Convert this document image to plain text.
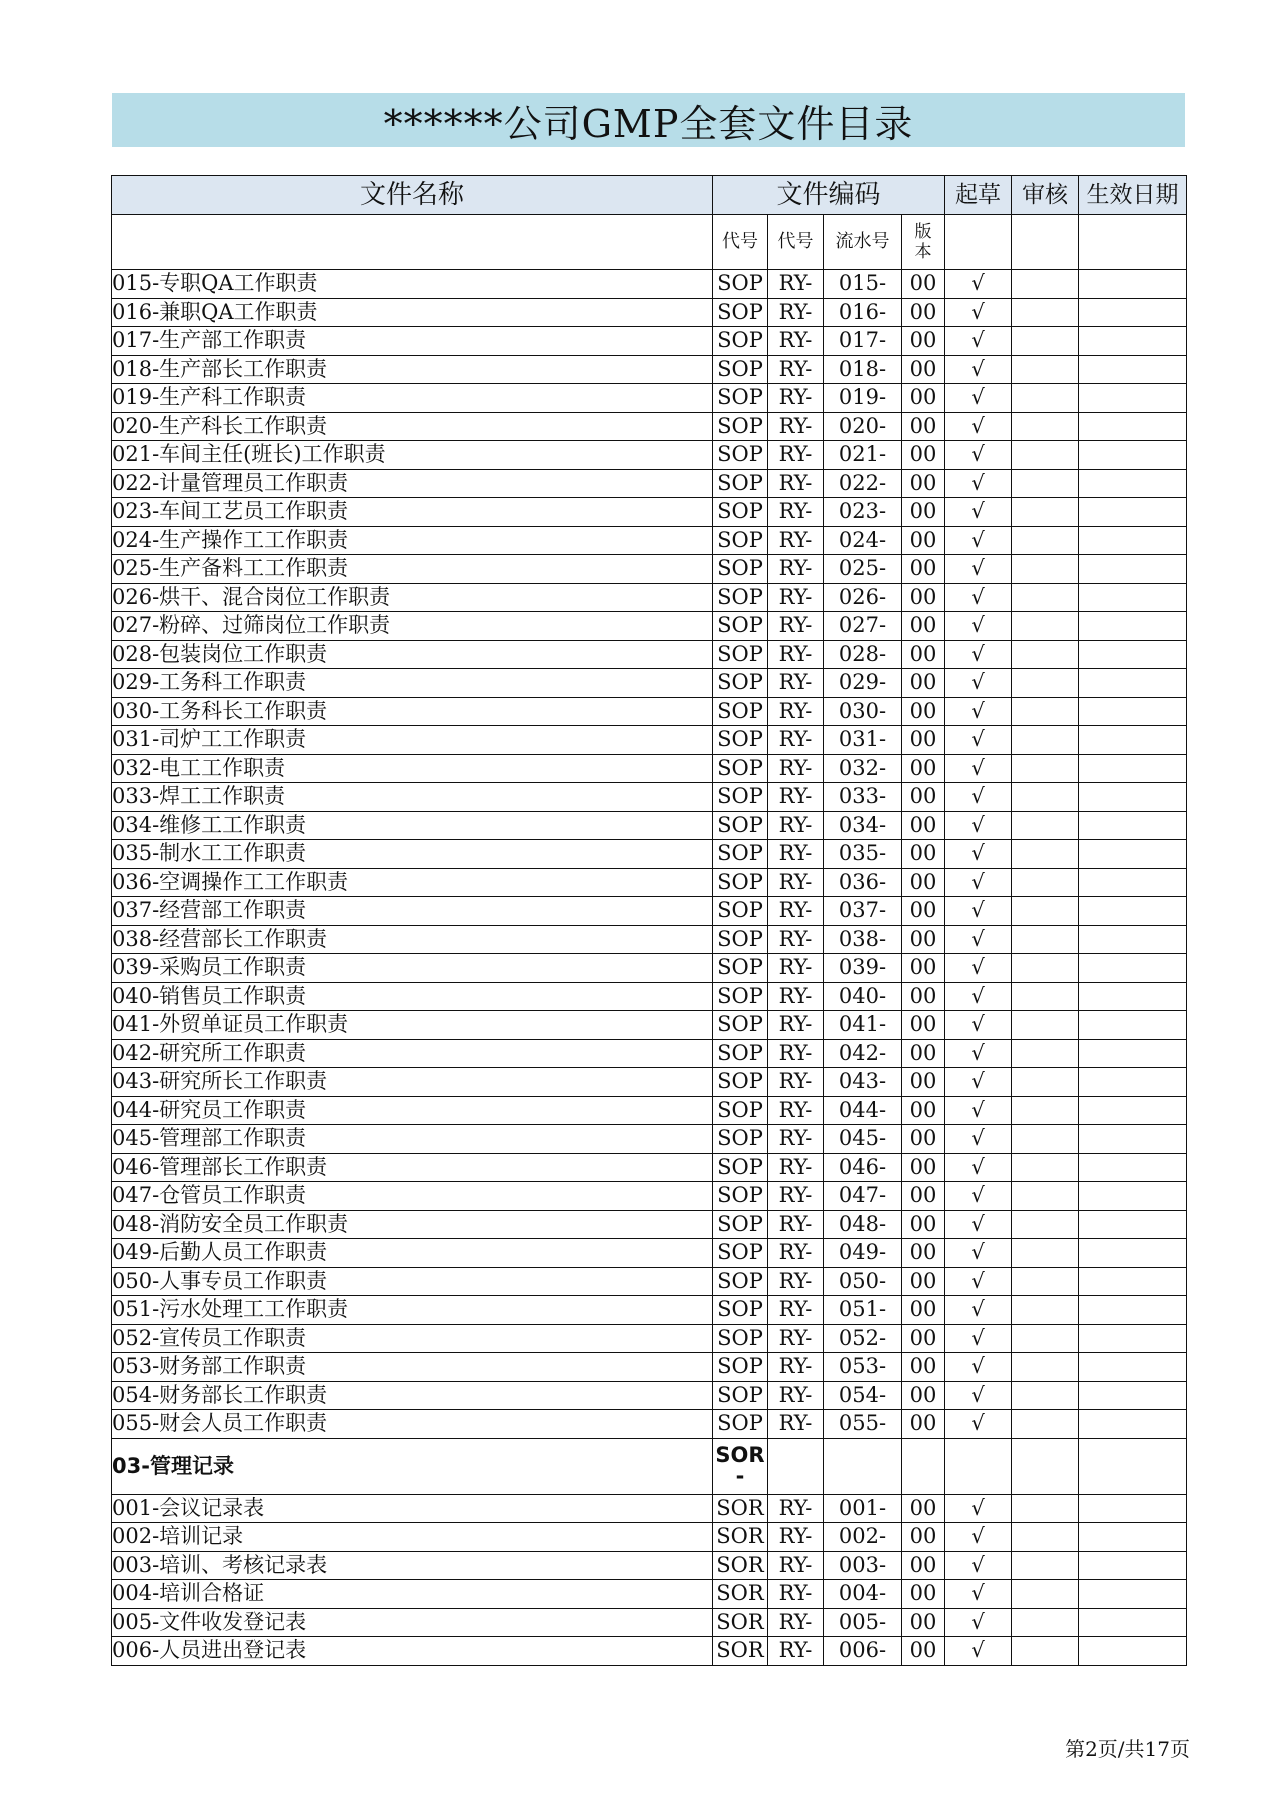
******公司GMP全套文件目录
文件名称	文件编码				起草	审核	生效日期
	代号	代号	流水号	版本			
015-专职QA工作职责	SOP	RY-	015-	00	√		
016-兼职QA工作职责	SOP	RY-	016-	00	√		
017-生产部工作职责	SOP	RY-	017-	00	√		
018-生产部长工作职责	SOP	RY-	018-	00	√		
019-生产科工作职责	SOP	RY-	019-	00	√		
020-生产科长工作职责	SOP	RY-	020-	00	√		
021-车间主任(班长)工作职责	SOP	RY-	021-	00	√		
022-计量管理员工作职责	SOP	RY-	022-	00	√		
023-车间工艺员工作职责	SOP	RY-	023-	00	√		
024-生产操作工工作职责	SOP	RY-	024-	00	√		
025-生产备料工工作职责	SOP	RY-	025-	00	√		
026-烘干、混合岗位工作职责	SOP	RY-	026-	00	√		
027-粉碎、过筛岗位工作职责	SOP	RY-	027-	00	√		
028-包装岗位工作职责	SOP	RY-	028-	00	√		
029-工务科工作职责	SOP	RY-	029-	00	√		
030-工务科长工作职责	SOP	RY-	030-	00	√		
031-司炉工工作职责	SOP	RY-	031-	00	√		
032-电工工作职责	SOP	RY-	032-	00	√		
033-焊工工作职责	SOP	RY-	033-	00	√		
034-维修工工作职责	SOP	RY-	034-	00	√		
035-制水工工作职责	SOP	RY-	035-	00	√		
036-空调操作工工作职责	SOP	RY-	036-	00	√		
037-经营部工作职责	SOP	RY-	037-	00	√		
038-经营部长工作职责	SOP	RY-	038-	00	√		
039-采购员工作职责	SOP	RY-	039-	00	√		
040-销售员工作职责	SOP	RY-	040-	00	√		
041-外贸单证员工作职责	SOP	RY-	041-	00	√		
042-研究所工作职责	SOP	RY-	042-	00	√		
043-研究所长工作职责	SOP	RY-	043-	00	√		
044-研究员工作职责	SOP	RY-	044-	00	√		
045-管理部工作职责	SOP	RY-	045-	00	√		
046-管理部长工作职责	SOP	RY-	046-	00	√		
047-仓管员工作职责	SOP	RY-	047-	00	√		
048-消防安全员工作职责	SOP	RY-	048-	00	√		
049-后勤人员工作职责	SOP	RY-	049-	00	√		
050-人事专员工作职责	SOP	RY-	050-	00	√		
051-污水处理工工作职责	SOP	RY-	051-	00	√		
052-宣传员工作职责	SOP	RY-	052-	00	√		
053-财务部工作职责	SOP	RY-	053-	00	√		
054-财务部长工作职责	SOP	RY-	054-	00	√		
055-财会人员工作职责	SOP	RY-	055-	00	√		
03-管理记录	SOR
-						

001-会议记录表	SOR	RY-	001-	00	√		
002-培训记录	SOR	RY-	002-	00	√		
003-培训、考核记录表	SOR	RY-	003-	00	√		
004-培训合格证	SOR	RY-	004-	00	√		
005-文件收发登记表	SOR	RY-	005-	00	√		
006-人员进出登记表	SOR	RY-	006-	00	√		
第2页/共17页
